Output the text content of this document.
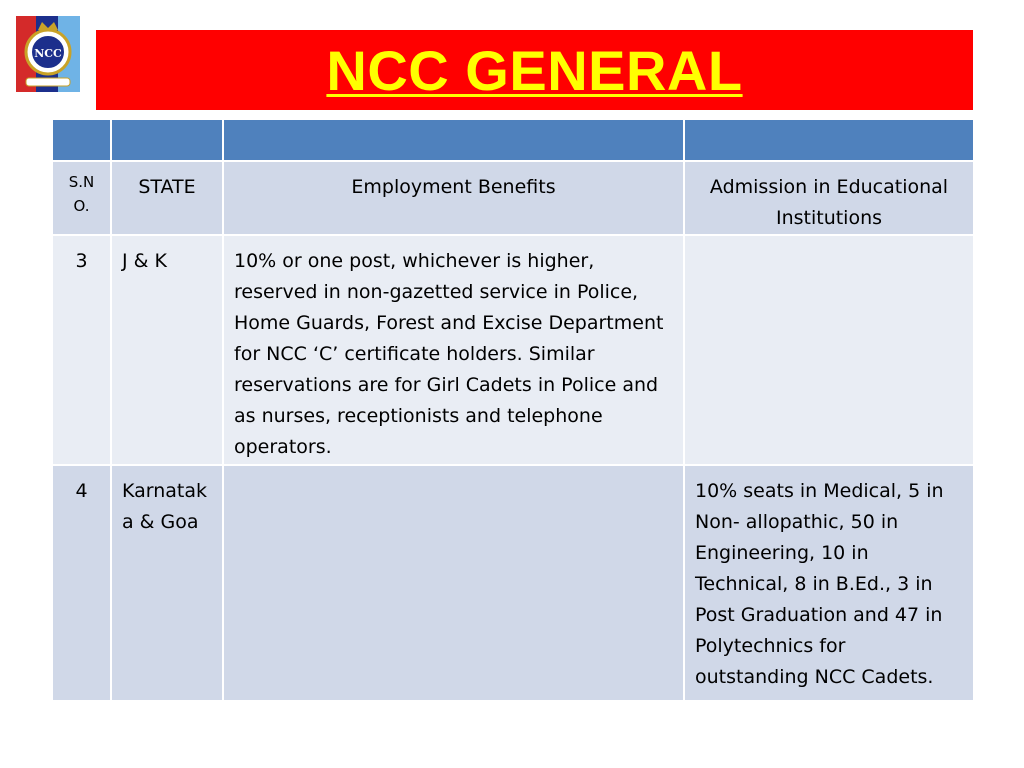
NCC	NCC GENERAL

S.N O.	STATE	Employment Benefits	Admission in Educational Institutions

3	J & K	10% or one post, whichever is higher, reserved in non-gazetted service in Police, Home Guards, Forest and Excise Department for NCC ‘C’ certificate holders. Similar reservations are for Girl Cadets in Police and as nurses, receptionists and telephone operators.	

4	Karnataka & Goa		10% seats in Medical, 5 in Non- allopathic, 50 in Engineering, 10 in Technical, 8 in B.Ed., 3 in Post Graduation and 47 in Polytechnics for outstanding NCC Cadets.
